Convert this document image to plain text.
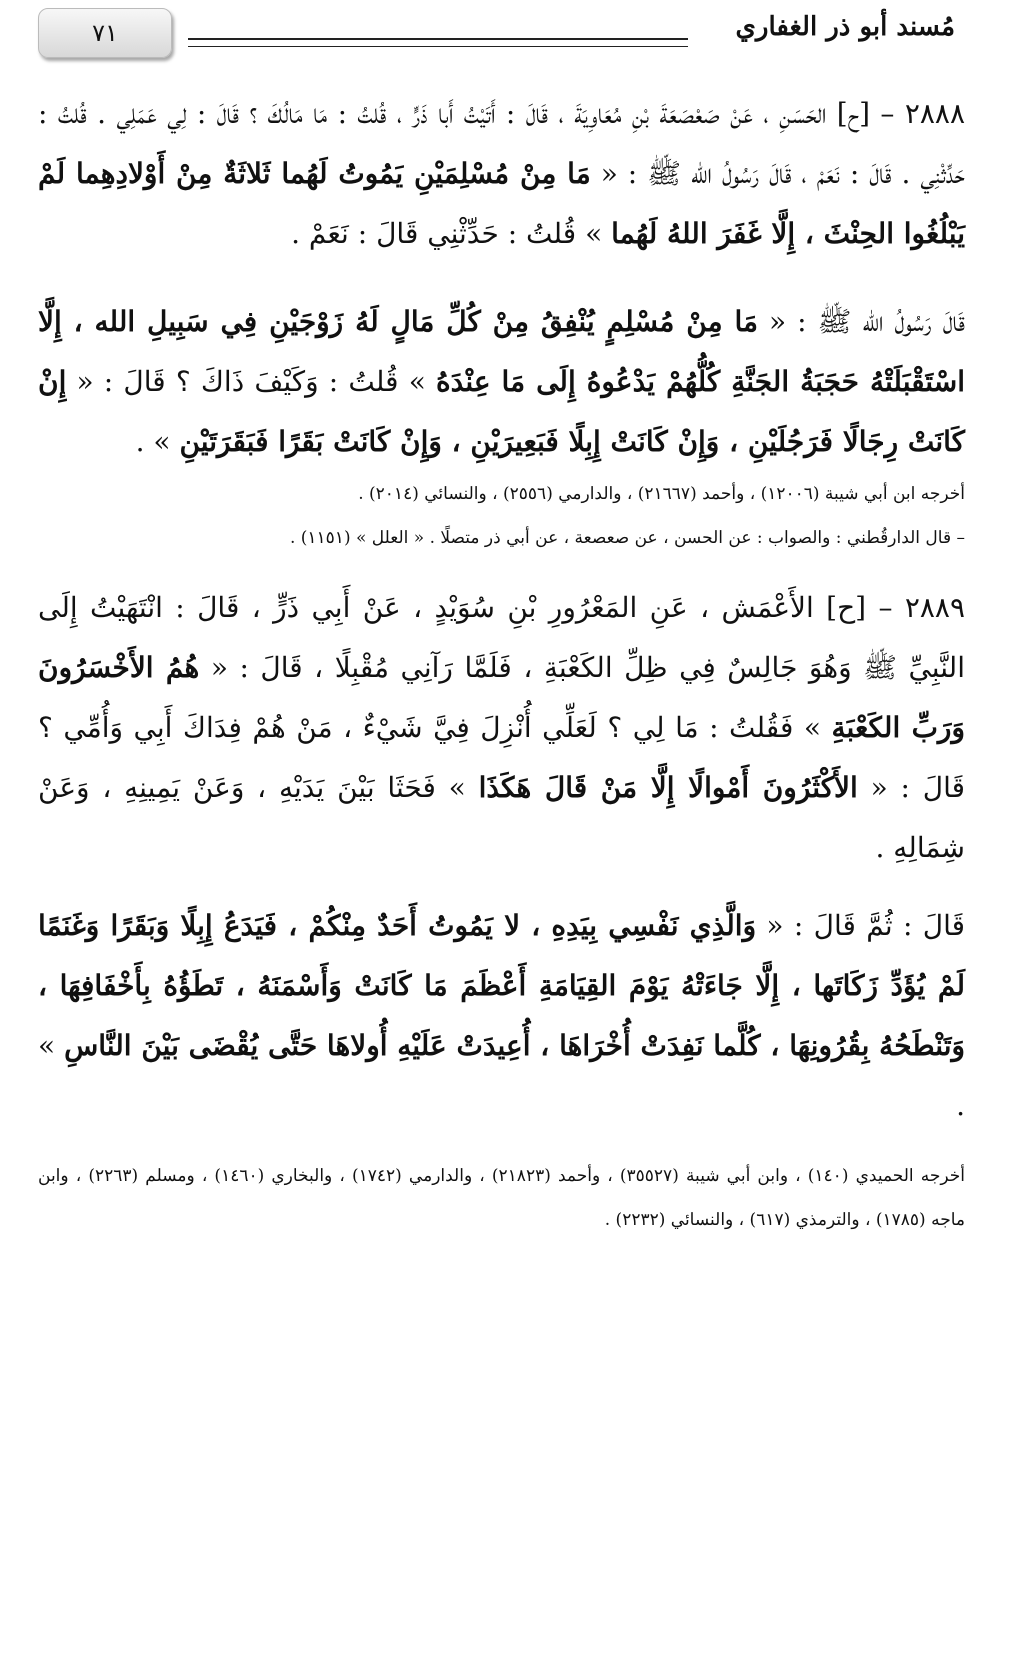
٧١	مُسند أبو ذر الغفاري

٢٨٨٨ – [ح] الحَسَنِ ، عَنْ صَعْصَعَةَ بْنِ مُعَاوِيَةَ ، قَالَ : أَتَيْتُ أَبا ذَرٍّ ، قُلتُ : مَا مَالُكَ ؟ قَالَ : لِي عَمَلِي . قُلتُ : حَدِّثْنِي . قَالَ : نَعَمْ ، قَالَ رَسُولُ الله ﷺ : « مَا مِنْ مُسْلِمَيْنِ يَمُوتُ لَهُما ثَلاثَةٌ مِنْ أَوْلادِهِما لَمْ يَبْلُغُوا الحِنْثَ ، إِلَّا غَفَرَ اللهُ لَهُما » قُلتُ : حَدِّثْنِي قَالَ : نَعَمْ .

قَالَ رَسُولُ الله ﷺ : « مَا مِنْ مُسْلِمٍ يُنْفِقُ مِنْ كُلِّ مَالٍ لَهُ زَوْجَيْنِ فِي سَبِيلِ الله ، إِلَّا اسْتَقْبَلَتْهُ حَجَبَةُ الجَنَّةِ كُلُّهُمْ يَدْعُوهُ إِلَى مَا عِنْدَهُ » قُلتُ : وَكَيْفَ ذَاكَ ؟ قَالَ : « إِنْ كَانَتْ رِجَالًا فَرَجُلَيْنِ ، وَإِنْ كَانَتْ إِبِلًا فَبَعِيرَيْنِ ، وَإِنْ كَانَتْ بَقَرًا فَبَقَرَتَيْنِ » .

أخرجه ابن أبي شيبة (١٢٠٠٦) ، وأحمد (٢١٦٦٧) ، والدارمي (٢٥٥٦) ، والنسائي (٢٠١٤) .

– قال الدارقُطني : والصواب : عن الحسن ، عن صعصعة ، عن أبي ذر متصلًا . « العلل » (١١٥١) .

٢٨٨٩ – [ح] الأَعْمَش ، عَنِ المَعْرُورِ بْنِ سُوَيْدٍ ، عَنْ أَبِي ذَرٍّ ، قَالَ : انْتَهَيْتُ إِلَى النَّبِيِّ ﷺ وَهُوَ جَالِسٌ فِي ظِلِّ الكَعْبَةِ ، فَلَمَّا رَآنِي مُقْبِلًا ، قَالَ : « هُمُ الأَخْسَرُونَ وَرَبِّ الكَعْبَةِ » فَقُلتُ : مَا لِي ؟ لَعَلِّي أُنْزِلَ فِيَّ شَيْءٌ ، مَنْ هُمْ فِدَاكَ أَبِي وَأُمِّي ؟ قَالَ : « الأَكْثَرُونَ أَمْوالًا إِلَّا مَنْ قَالَ هَكَذَا » فَحَثَا بَيْنَ يَدَيْهِ ، وَعَنْ يَمِينِهِ ، وَعَنْ شِمَالِهِ .

قَالَ : ثُمَّ قَالَ : « وَالَّذِي نَفْسِي بِيَدِهِ ، لا يَمُوتُ أَحَدٌ مِنْكُمْ ، فَيَدَعُ إِبِلًا وَبَقَرًا وَغَنَمًا لَمْ يُؤَدِّ زَكَاتَها ، إِلَّا جَاءَتْهُ يَوْمَ القِيَامَةِ أَعْظَمَ مَا كَانَتْ وَأَسْمَنَهُ ، تَطَؤُهُ بِأَخْفَافِهَا ، وَتَنْطَحُهُ بِقُرُونِهَا ، كُلَّما نَفِدَتْ أُخْرَاهَا ، أُعِيدَتْ عَلَيْهِ أُولاهَا حَتَّى يُقْضَى بَيْنَ النَّاسِ » .

أخرجه الحميدي (١٤٠) ، وابن أبي شيبة (٣٥٥٢٧) ، وأحمد (٢١٨٢٣) ، والدارمي (١٧٤٢) ، والبخاري (١٤٦٠) ، ومسلم (٢٢٦٣) ، وابن ماجه (١٧٨٥) ، والترمذي (٦١٧) ، والنسائي (٢٢٣٢) .
